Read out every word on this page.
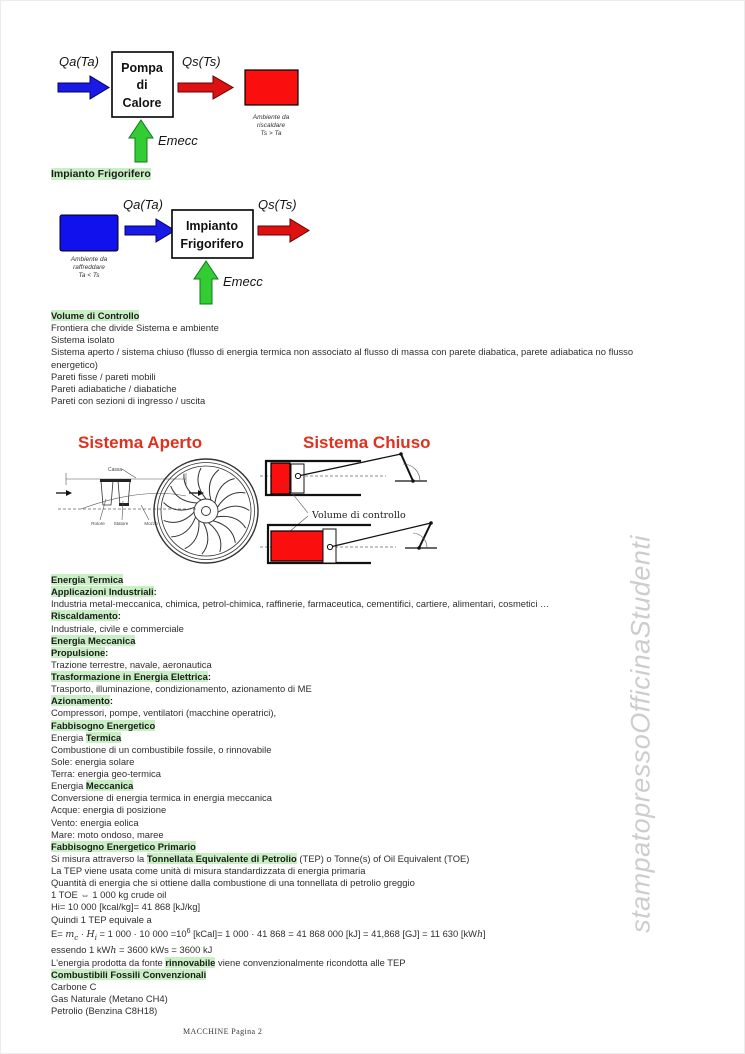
Qa(Ta) Pompa
di
Calore
Qs(Ts)
Ambiente da
riscaldare
Ts > Ta
Emecc
Impianto Frigorifero
Ambiente da
raffreddare
Ta < Ts
Qa(Ta)
Impianto
Frigorifero
Qs(Ts)
Emecc
Volume di Controllo
Frontiera che divide Sistema e ambiente
Sistema isolato
Sistema aperto / sistema chiuso (flusso di energia termica non associato al flusso di massa con parete diabatica, parete adiabatica no flusso
energetico)
Pareti fisse / pareti mobili
Pareti adiabatiche / diabatiche
Pareti con sezioni di ingresso / uscita
Sistema Aperto	Sistema Chiuso
Cassa
Rotore Statore	Mozzo
Volume di controllo
Energia Termica
Applicazioni Industriali:
Industria metal-meccanica, chimica, petrol-chimica, raffinerie, farmaceutica, cementifici, cartiere, alimentari, cosmetici …
Riscaldamento:
Industriale, civile e commerciale
Energia Meccanica
Propulsione:
Trazione terrestre, navale, aeronautica
Trasformazione in Energia Elettrica:
Trasporto, illuminazione, condizionamento, azionamento di ME
Azionamento:
Compressori, pompe, ventilatori (macchine operatrici),
Fabbisogno Energetico
Energia Termica
Combustione di un combustibile fossile, o rinnovabile
Sole: energia solare
Terra: energia geo-termica
Energia Meccanica
Conversione di energia termica in energia meccanica
Acque: energia di posizione
Vento: energia eolica
Mare: moto ondoso, maree
Fabbisogno Energetico Primario
Si misura attraverso la Tonnellata Equivalente di Petrolio (TEP) o Tonne(s) of Oil Equivalent (TOE)
La TEP viene usata come unità di misura standardizzata di energia primaria
Quantità di energia che si ottiene dalla combustione di una tonnellata di petrolio greggio
1 TOE ⇔ 1 000 kg crude oil
Hi= 10 000 [kcal/kg]= 41 868 [kJ/kg]
Quindi 1 TEP equivale a
$E= m_c \cdot H_i = 1$ 000 · 10 $000 =10^6$ [kCal]= 1 000 · 41 868 = 41 868 000 [kJ] = 41,868 [GJ] = 11 630 [kWh]
essendo 1 kWh = 3600 kWs = 3600 kJ
L'energia prodotta da fonte rinnovabile viene convenzionalmente ricondotta alle TEP
Combustibili Fossili Convenzionali
Carbone C
Gas Naturale (Metano CH4)
Petrolio (Benzina C8H18)
stampatopressoOfficinaStudenti
MACCHINE Pagina 2
